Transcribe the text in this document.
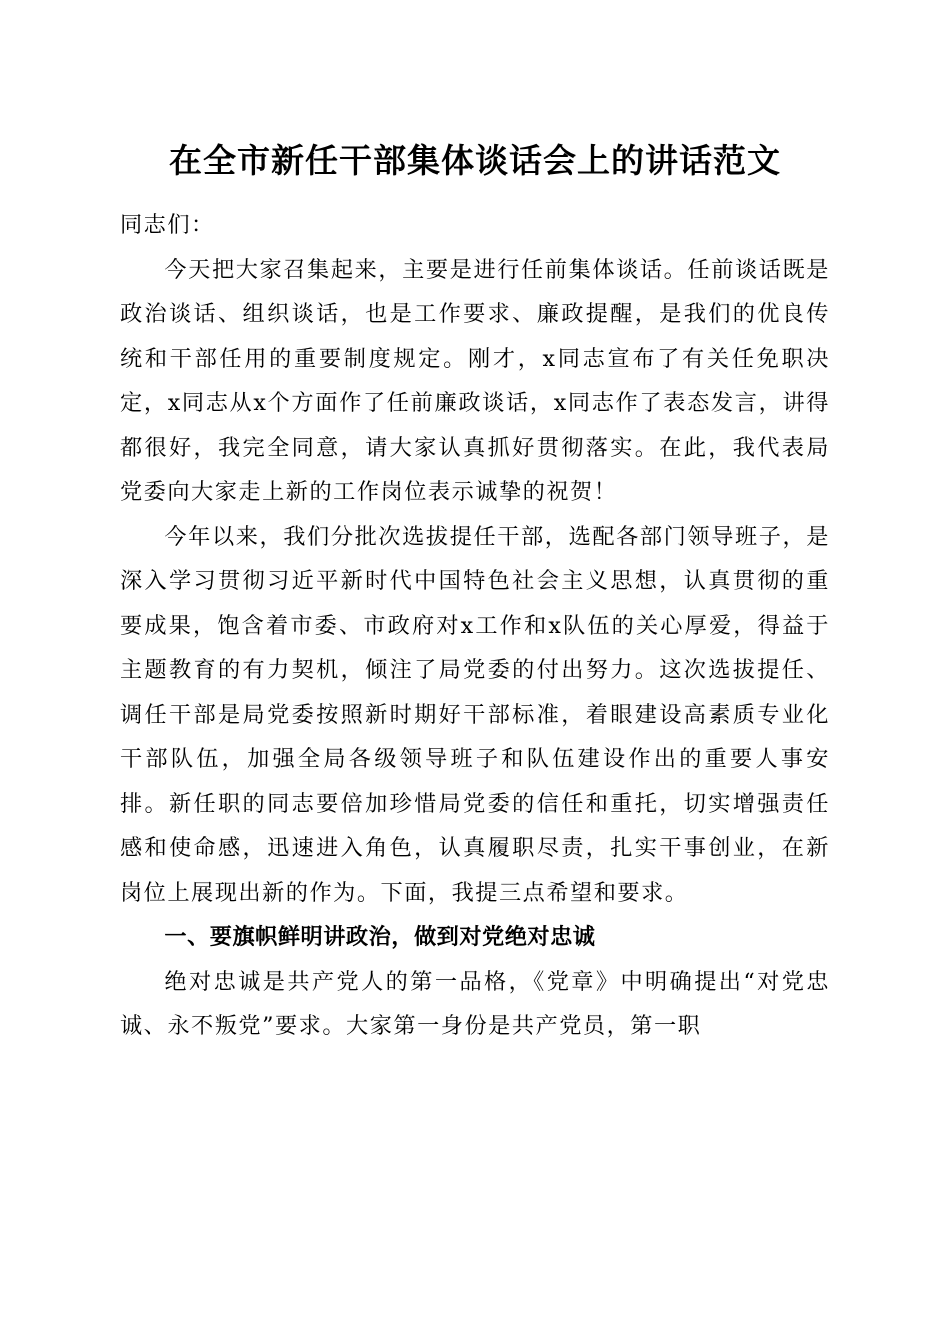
在全市新任干部集体谈话会上的讲话范文

同志们：

今天把大家召集起来，主要是进行任前集体谈话。任前谈话既是政治谈话、组织谈话，也是工作要求、廉政提醒，是我们的优良传统和干部任用的重要制度规定。刚才，x同志宣布了有关任免职决定，x同志从x个方面作了任前廉政谈话，x同志作了表态发言，讲得都很好，我完全同意，请大家认真抓好贯彻落实。在此，我代表局党委向大家走上新的工作岗位表示诚挚的祝贺！

今年以来，我们分批次选拔提任干部，选配各部门领导班子，是深入学习贯彻习近平新时代中国特色社会主义思想，认真贯彻的重要成果，饱含着市委、市政府对x工作和x队伍的关心厚爱，得益于主题教育的有力契机，倾注了局党委的付出努力。这次选拔提任、调任干部是局党委按照新时期好干部标准，着眼建设高素质专业化干部队伍，加强全局各级领导班子和队伍建设作出的重要人事安排。新任职的同志要倍加珍惜局党委的信任和重托，切实增强责任感和使命感，迅速进入角色，认真履职尽责，扎实干事创业，在新岗位上展现出新的作为。下面，我提三点希望和要求。

一、要旗帜鲜明讲政治，做到对党绝对忠诚

绝对忠诚是共产党人的第一品格，《党章》中明确提出“对党忠诚、永不叛党”要求。大家第一身份是共产党员，第一职
